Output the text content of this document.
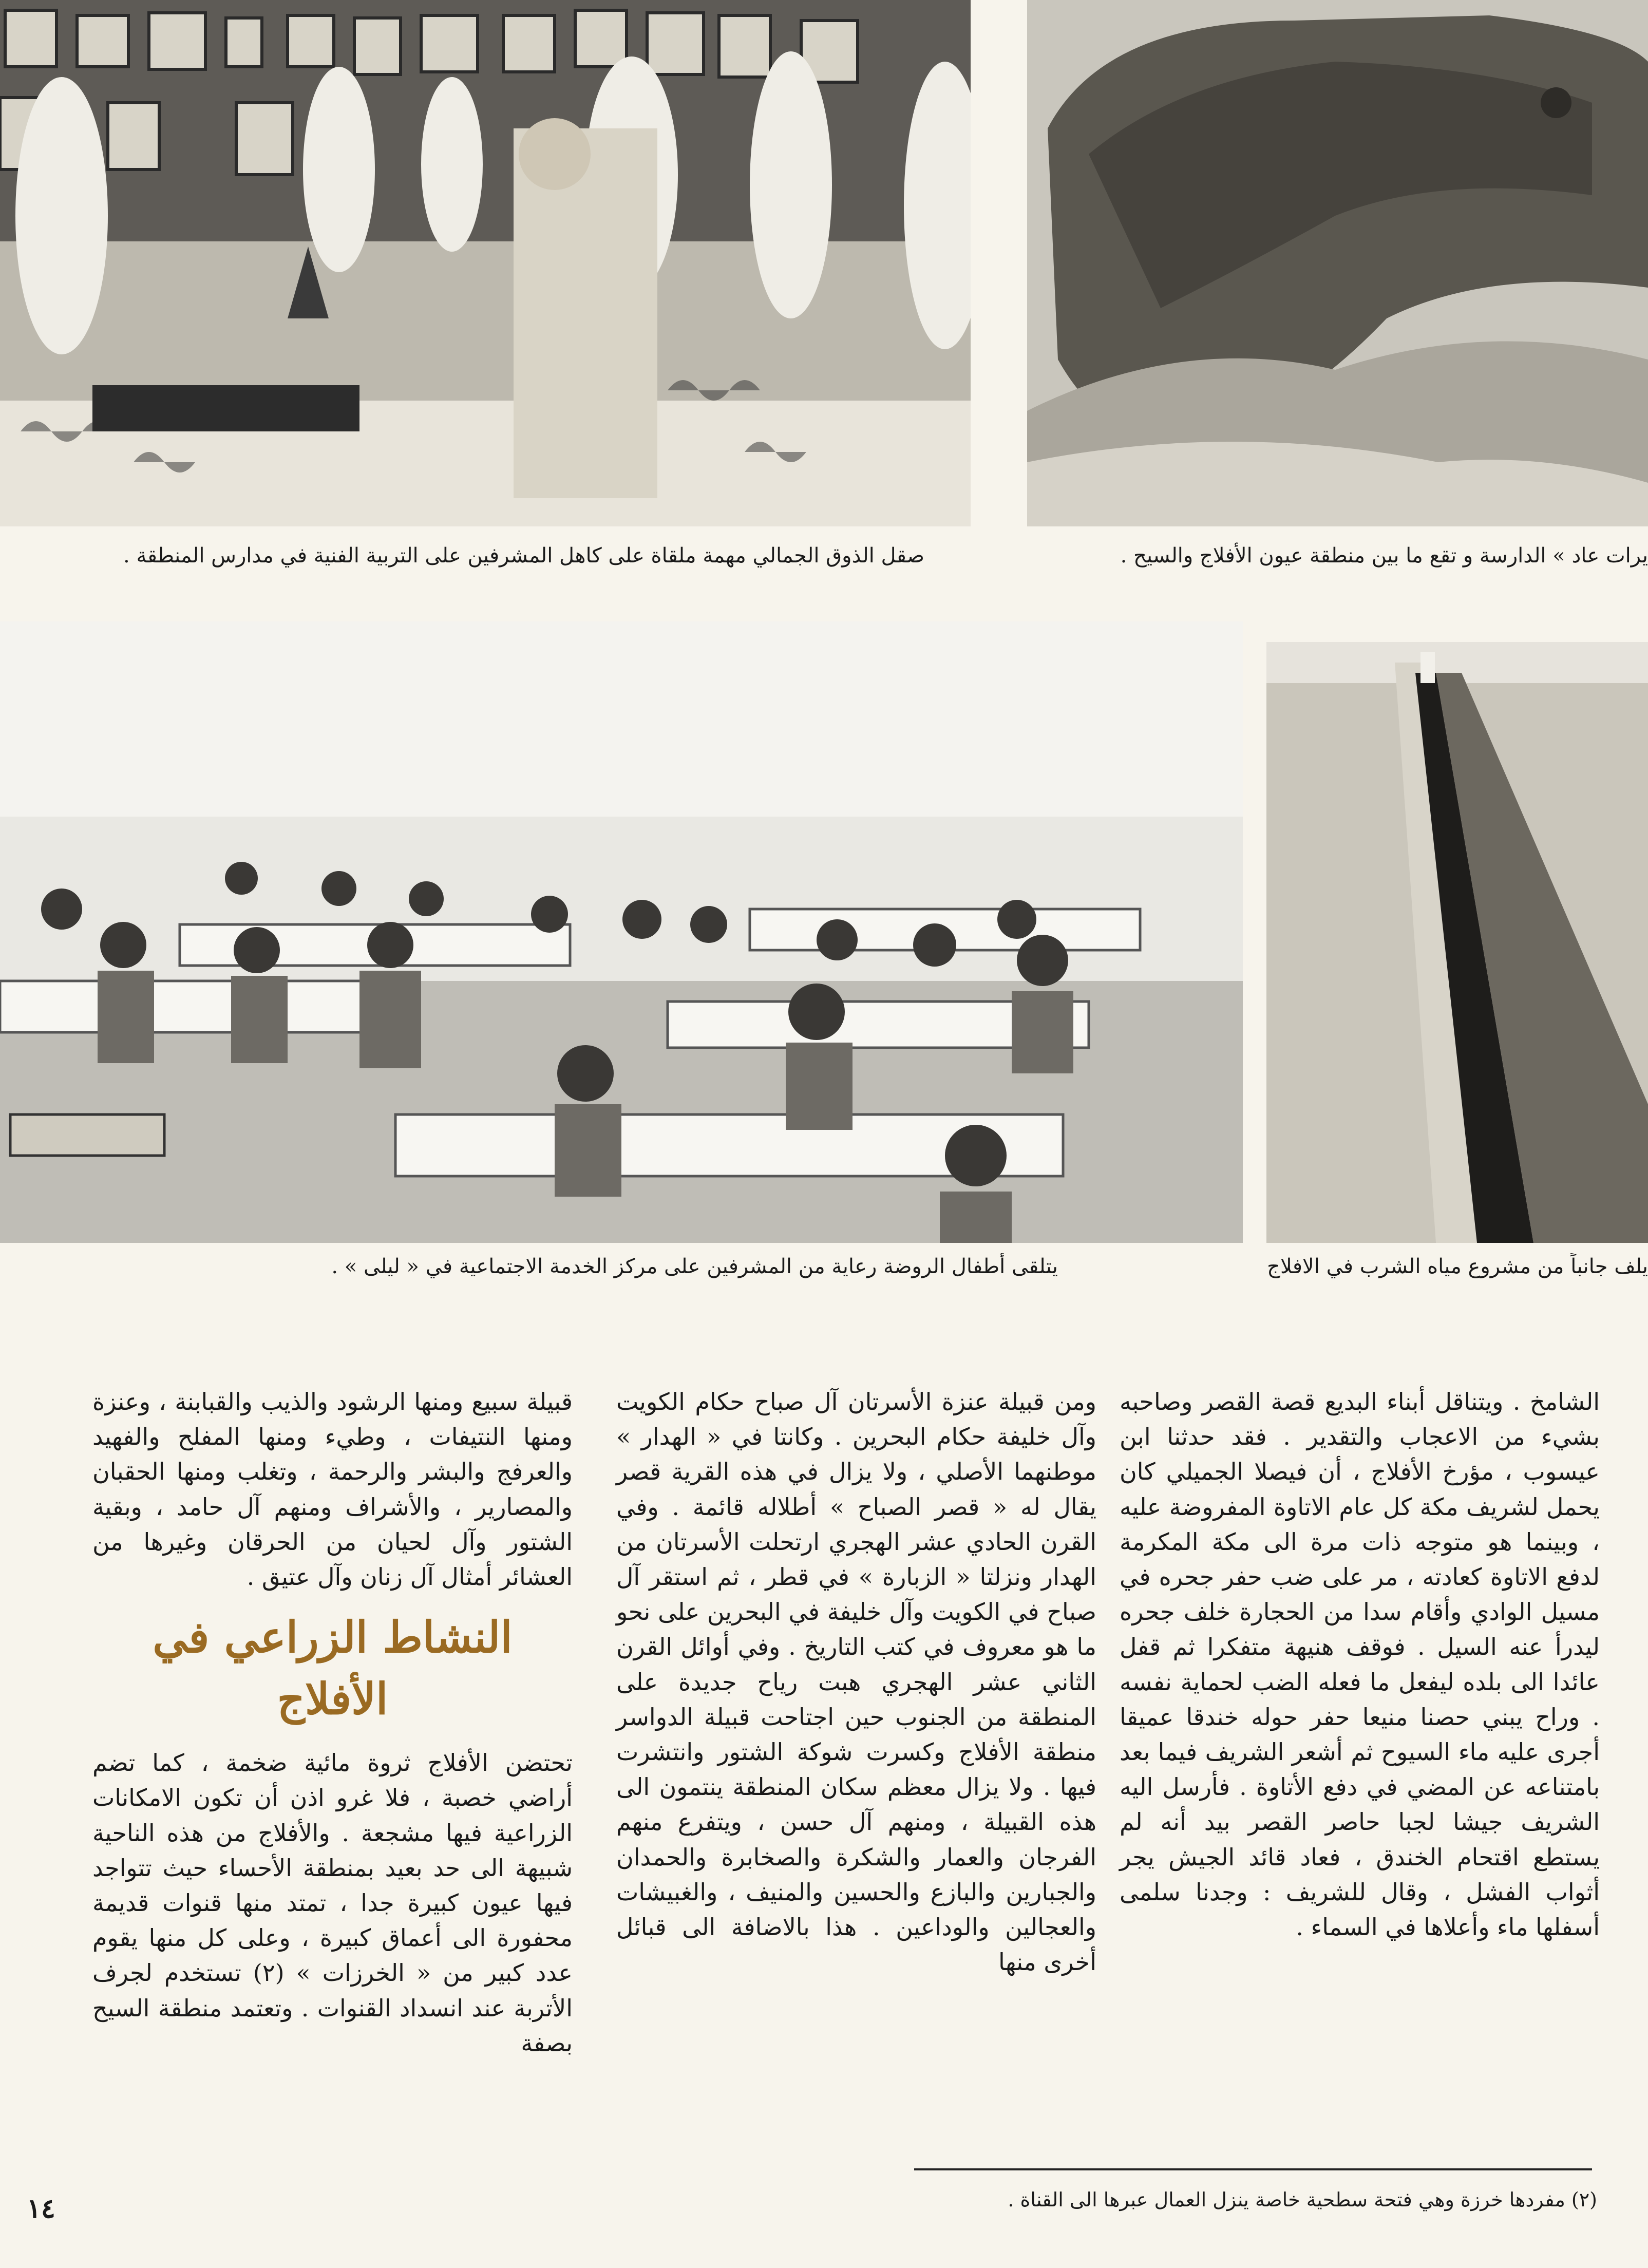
صقل الذوق الجمالي مهمة ملقاة على كاهل المشرفين على التربية الفنية في مدارس المنطقة .	يرات عاد » الدارسة و تقع ما بين منطقة عيون الأفلاج والسيح .
يتلقى أطفال الروضة رعاية من المشرفين على مركز الخدمة الاجتماعية في « ليلى » .	يلف جانباً من مشروع مياه الشرب في الافلاج

الشامخ . ويتناقل أبناء البديع قصة القصر وصاحبه بشيء من الاعجاب والتقدير . فقد حدثنا ابن عيسوب ، مؤرخ الأفلاج ، أن فيصلا الجميلي كان يحمل لشريف مكة كل عام الاتاوة المفروضة عليه ، وبينما هو متوجه ذات مرة الى مكة المكرمة لدفع الاتاوة كعادته ، مر على ضب حفر جحره في مسيل الوادي وأقام سدا من الحجارة خلف جحره ليدرأ عنه السيل . فوقف هنيهة متفكرا ثم قفل عائدا الى بلده ليفعل ما فعله الضب لحماية نفسه . وراح يبني حصنا منيعا حفر حوله خندقا عميقا أجرى عليه ماء السيوح ثم أشعر الشريف فيما بعد بامتناعه عن المضي في دفع الأتاوة . فأرسل اليه الشريف جيشا لجبا حاصر القصر بيد أنه لم يستطع اقتحام الخندق ، فعاد قائد الجيش يجر أثواب الفشل ، وقال للشريف : وجدنا سلمى أسفلها ماء وأعلاها في السماء .

ومن قبيلة عنزة الأسرتان آل صباح حكام الكويت وآل خليفة حكام البحرين . وكانتا في « الهدار » موطنهما الأصلي ، ولا يزال في هذه القرية قصر يقال له « قصر الصباح » أطلاله قائمة . وفي القرن الحادي عشر الهجري ارتحلت الأسرتان من الهدار ونزلتا « الزبارة » في قطر ، ثم استقر آل صباح في الكويت وآل خليفة في البحرين على نحو ما هو معروف في كتب التاريخ . وفي أوائل القرن الثاني عشر الهجري هبت رياح جديدة على المنطقة من الجنوب حين اجتاحت قبيلة الدواسر منطقة الأفلاج وكسرت شوكة الشتور وانتشرت فيها . ولا يزال معظم سكان المنطقة ينتمون الى هذه القبيلة ، ومنهم آل حسن ، ويتفرع منهم الفرجان والعمار والشكرة والصخابرة والحمدان والجبارين والبازع والحسين والمنيف ، والغبيشات والعجالين والوداعين . هذا بالاضافة الى قبائل أخرى منها

قبيلة سبيع ومنها الرشود والذيب والقبابنة ، وعنزة ومنها النتيفات ، وطيء ومنها المفلح والفهيد والعرفج والبشر والرحمة ، وتغلب ومنها الحقبان والمصارير ، والأشراف ومنهم آل حامد ، وبقية الشتور وآل لحيان من الحرقان وغيرها من العشائر أمثال آل زنان وآل عتيق .

النشاط الزراعي في الأفلاج

تحتضن الأفلاج ثروة مائية ضخمة ، كما تضم أراضي خصبة ، فلا غرو اذن أن تكون الامكانات الزراعية فيها مشجعة . والأفلاج من هذه الناحية شبيهة الى حد بعيد بمنطقة الأحساء حيث تتواجد فيها عيون كبيرة جدا ، تمتد منها قنوات قديمة محفورة الى أعماق كبيرة ، وعلى كل منها يقوم عدد كبير من « الخرزات » (٢) تستخدم لجرف الأتربة عند انسداد القنوات . وتعتمد منطقة السيح بصفة

(٢) مفردها خرزة وهي فتحة سطحية خاصة ينزل العمال عبرها الى القناة .
١٤
